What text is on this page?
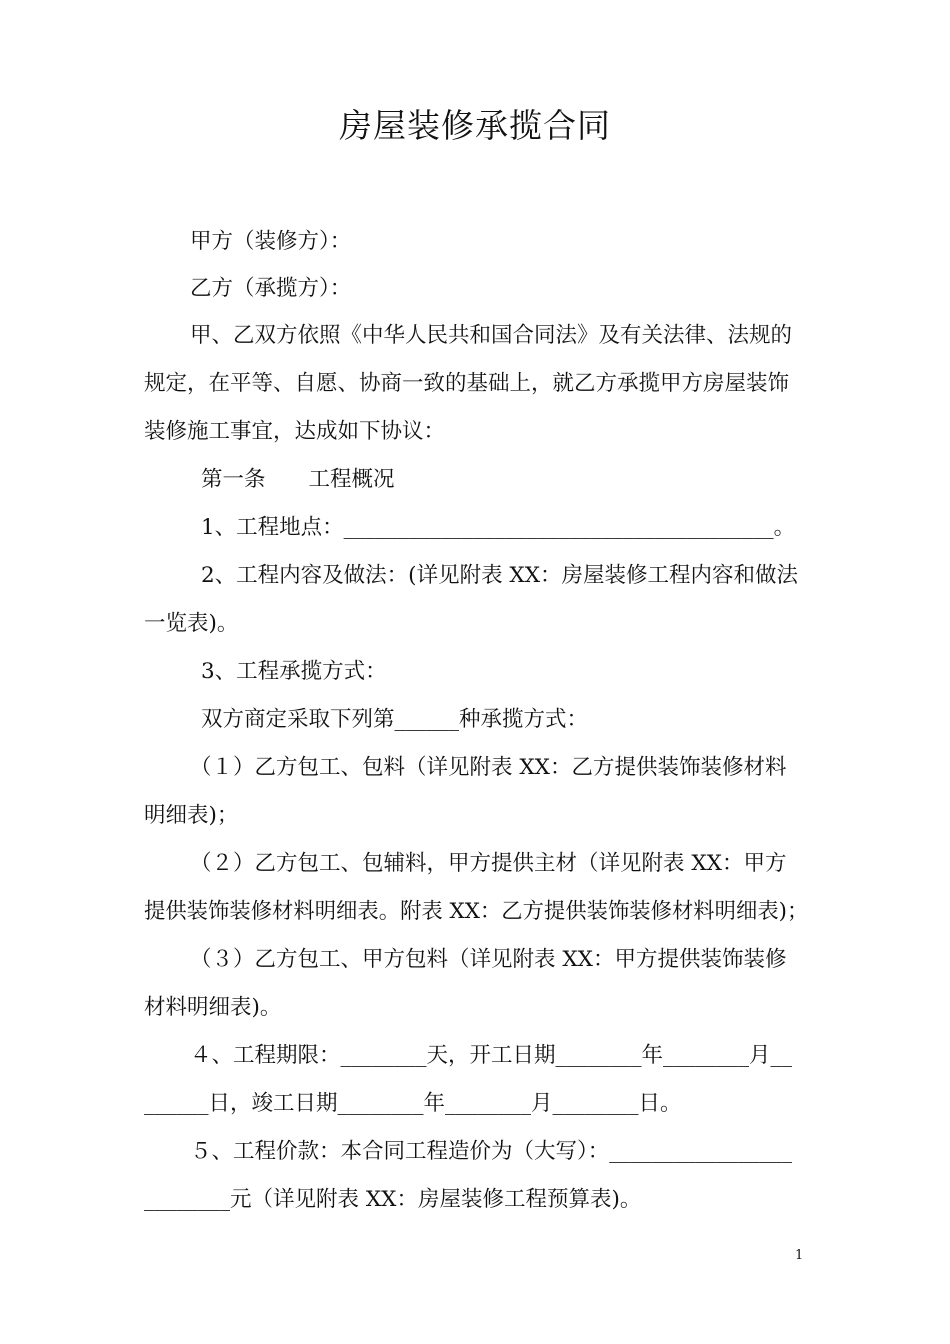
房屋装修承揽合同
甲方（装修方）：
乙方（承揽方）：
甲、乙双方依照《中华人民共和国合同法》及有关法律、法规的
规定，在平等、自愿、协商一致的基础上，就乙方承揽甲方房屋装饰
装修施工事宜，达成如下协议：
第一条　　工程概况
1、工程地点：________________________________________。
2、工程内容及做法：(详见附表 XX：房屋装修工程内容和做法
一览表)。
3、工程承揽方式：
双方商定采取下列第______种承揽方式：
（１）乙方包工、包料（详见附表 XX：乙方提供装饰装修材料
明细表)；
（２）乙方包工、包辅料，甲方提供主材（详见附表 XX：甲方
提供装饰装修材料明细表。附表 XX：乙方提供装饰装修材料明细表)；
（３）乙方包工、甲方包料（详见附表 XX：甲方提供装饰装修
材料明细表)。
４、工程期限：________天，开工日期________年________月__
______日，竣工日期________年________月________日。
５、工程价款：本合同工程造价为（大写）：_________________
________元（详见附表 XX：房屋装修工程预算表)。
1
